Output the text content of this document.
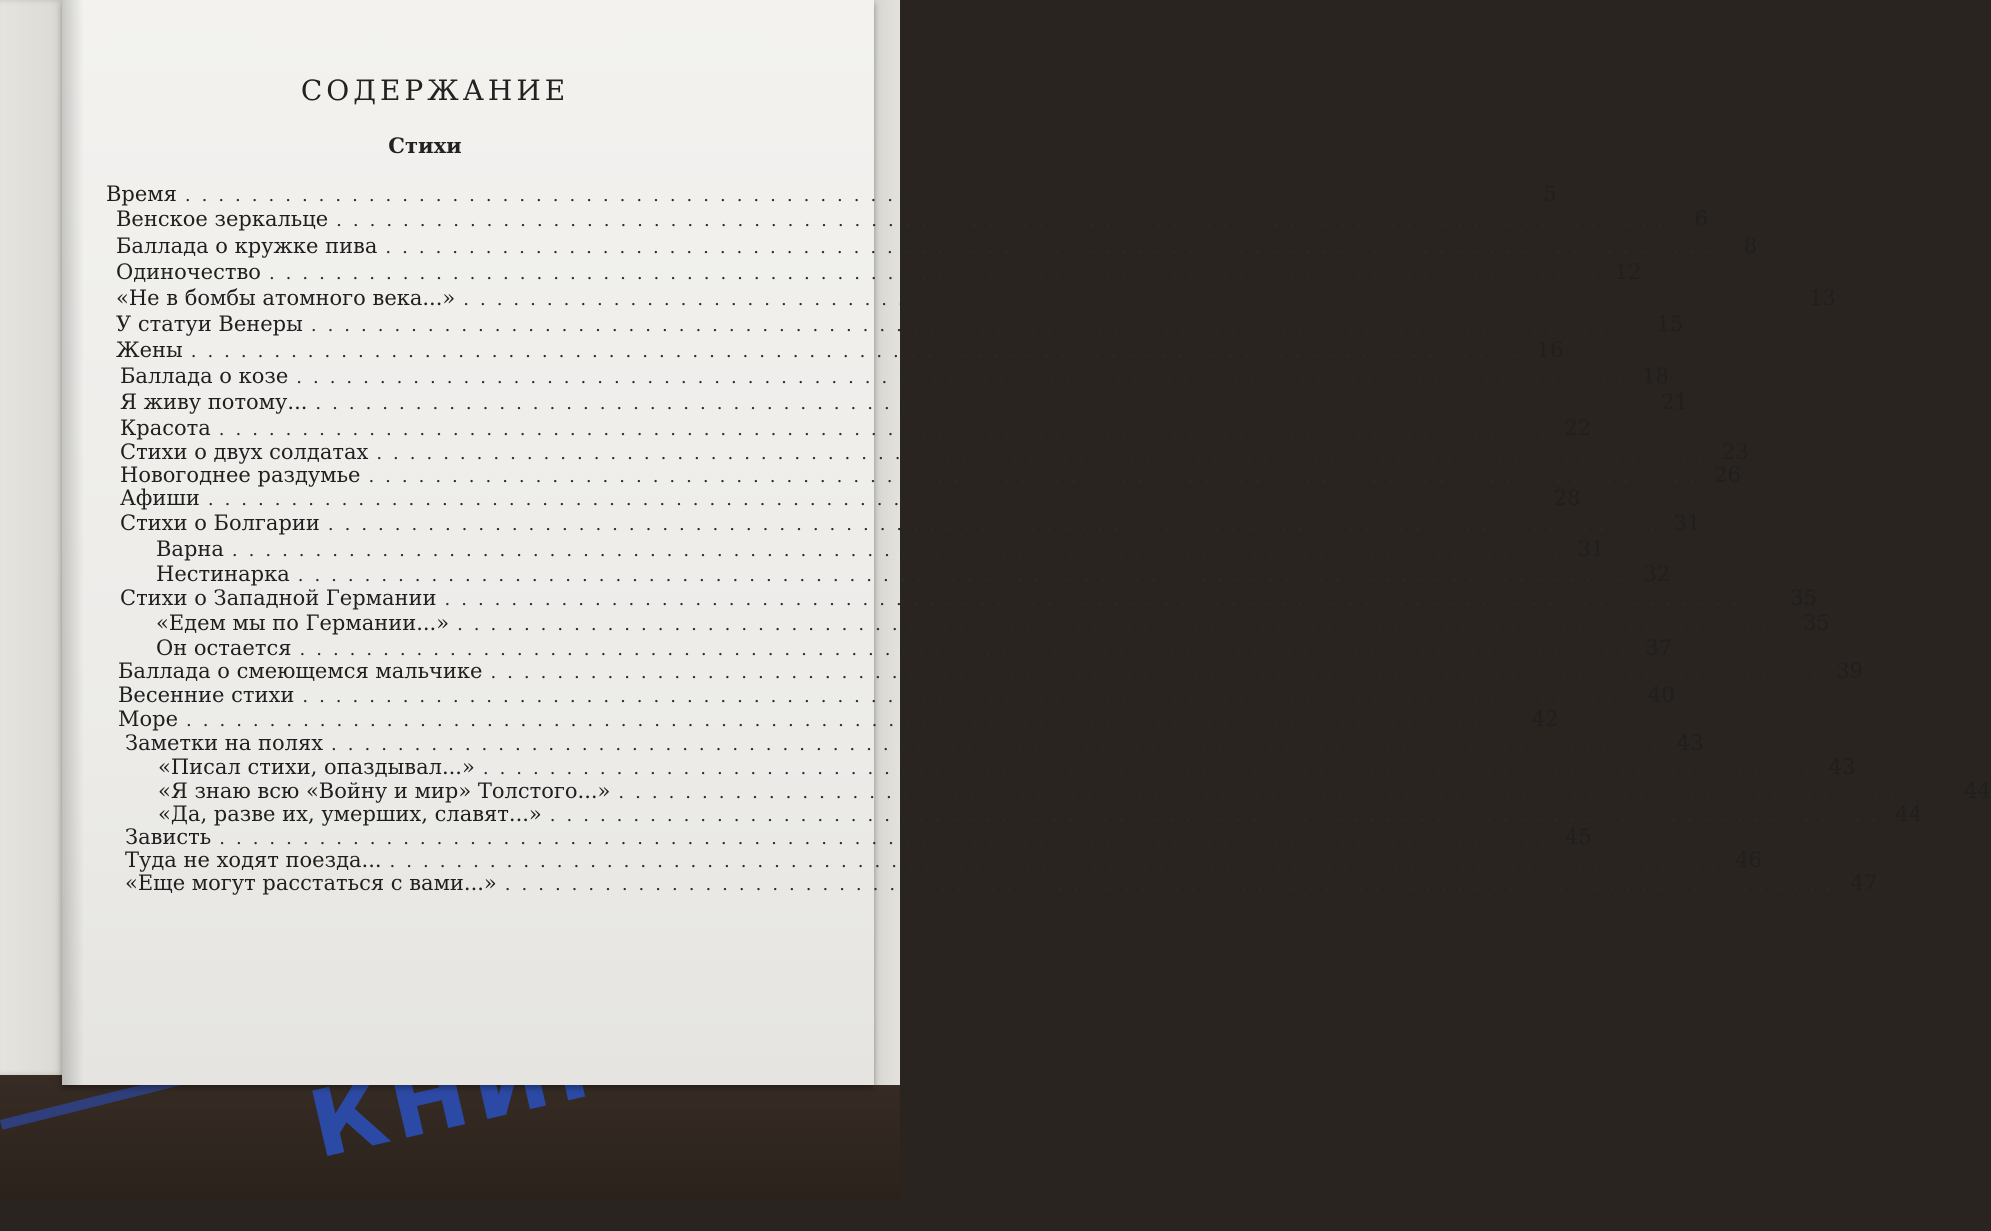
СОДЕРЖАНИЕ
Стихи
Время ................................................................................ 5
Венское зеркальце ................................................................................ 6
Баллада о кружке пива ................................................................................ 8
Одиночество ................................................................................ 12
«Не в бомбы атомного века...» ................................................................................ 13
У статуи Венеры ................................................................................ 15
Жены ................................................................................ 16
Баллада о козе ................................................................................ 18
Я живу потому... ................................................................................ 21
Красота ................................................................................ 22
Стихи о двух солдатах ................................................................................ 23
Новогоднее раздумье ................................................................................ 26
Афиши ................................................................................ 28
Стихи о Болгарии ................................................................................ 31
Варна ................................................................................ 31
Нестинарка ................................................................................ 32
Стихи о Западной Германии ................................................................................ 35
«Едем мы по Германии...» ................................................................................ 35
Он остается ................................................................................ 37
Баллада о смеющемся мальчике ................................................................................ 39
Весенние стихи ................................................................................ 40
Море ................................................................................ 42
Заметки на полях ................................................................................ 43
«Писал стихи, опаздывал...» ................................................................................ 43
«Я знаю всю «Войну и мир» Толстого...» ................................................................................ 44
«Да, разве их, умерших, славят...» ................................................................................ 44
Зависть ................................................................................ 45
Туда не ходят поезда... ................................................................................ 46
«Еще могут расстаться с вами...» ................................................................................ 47
